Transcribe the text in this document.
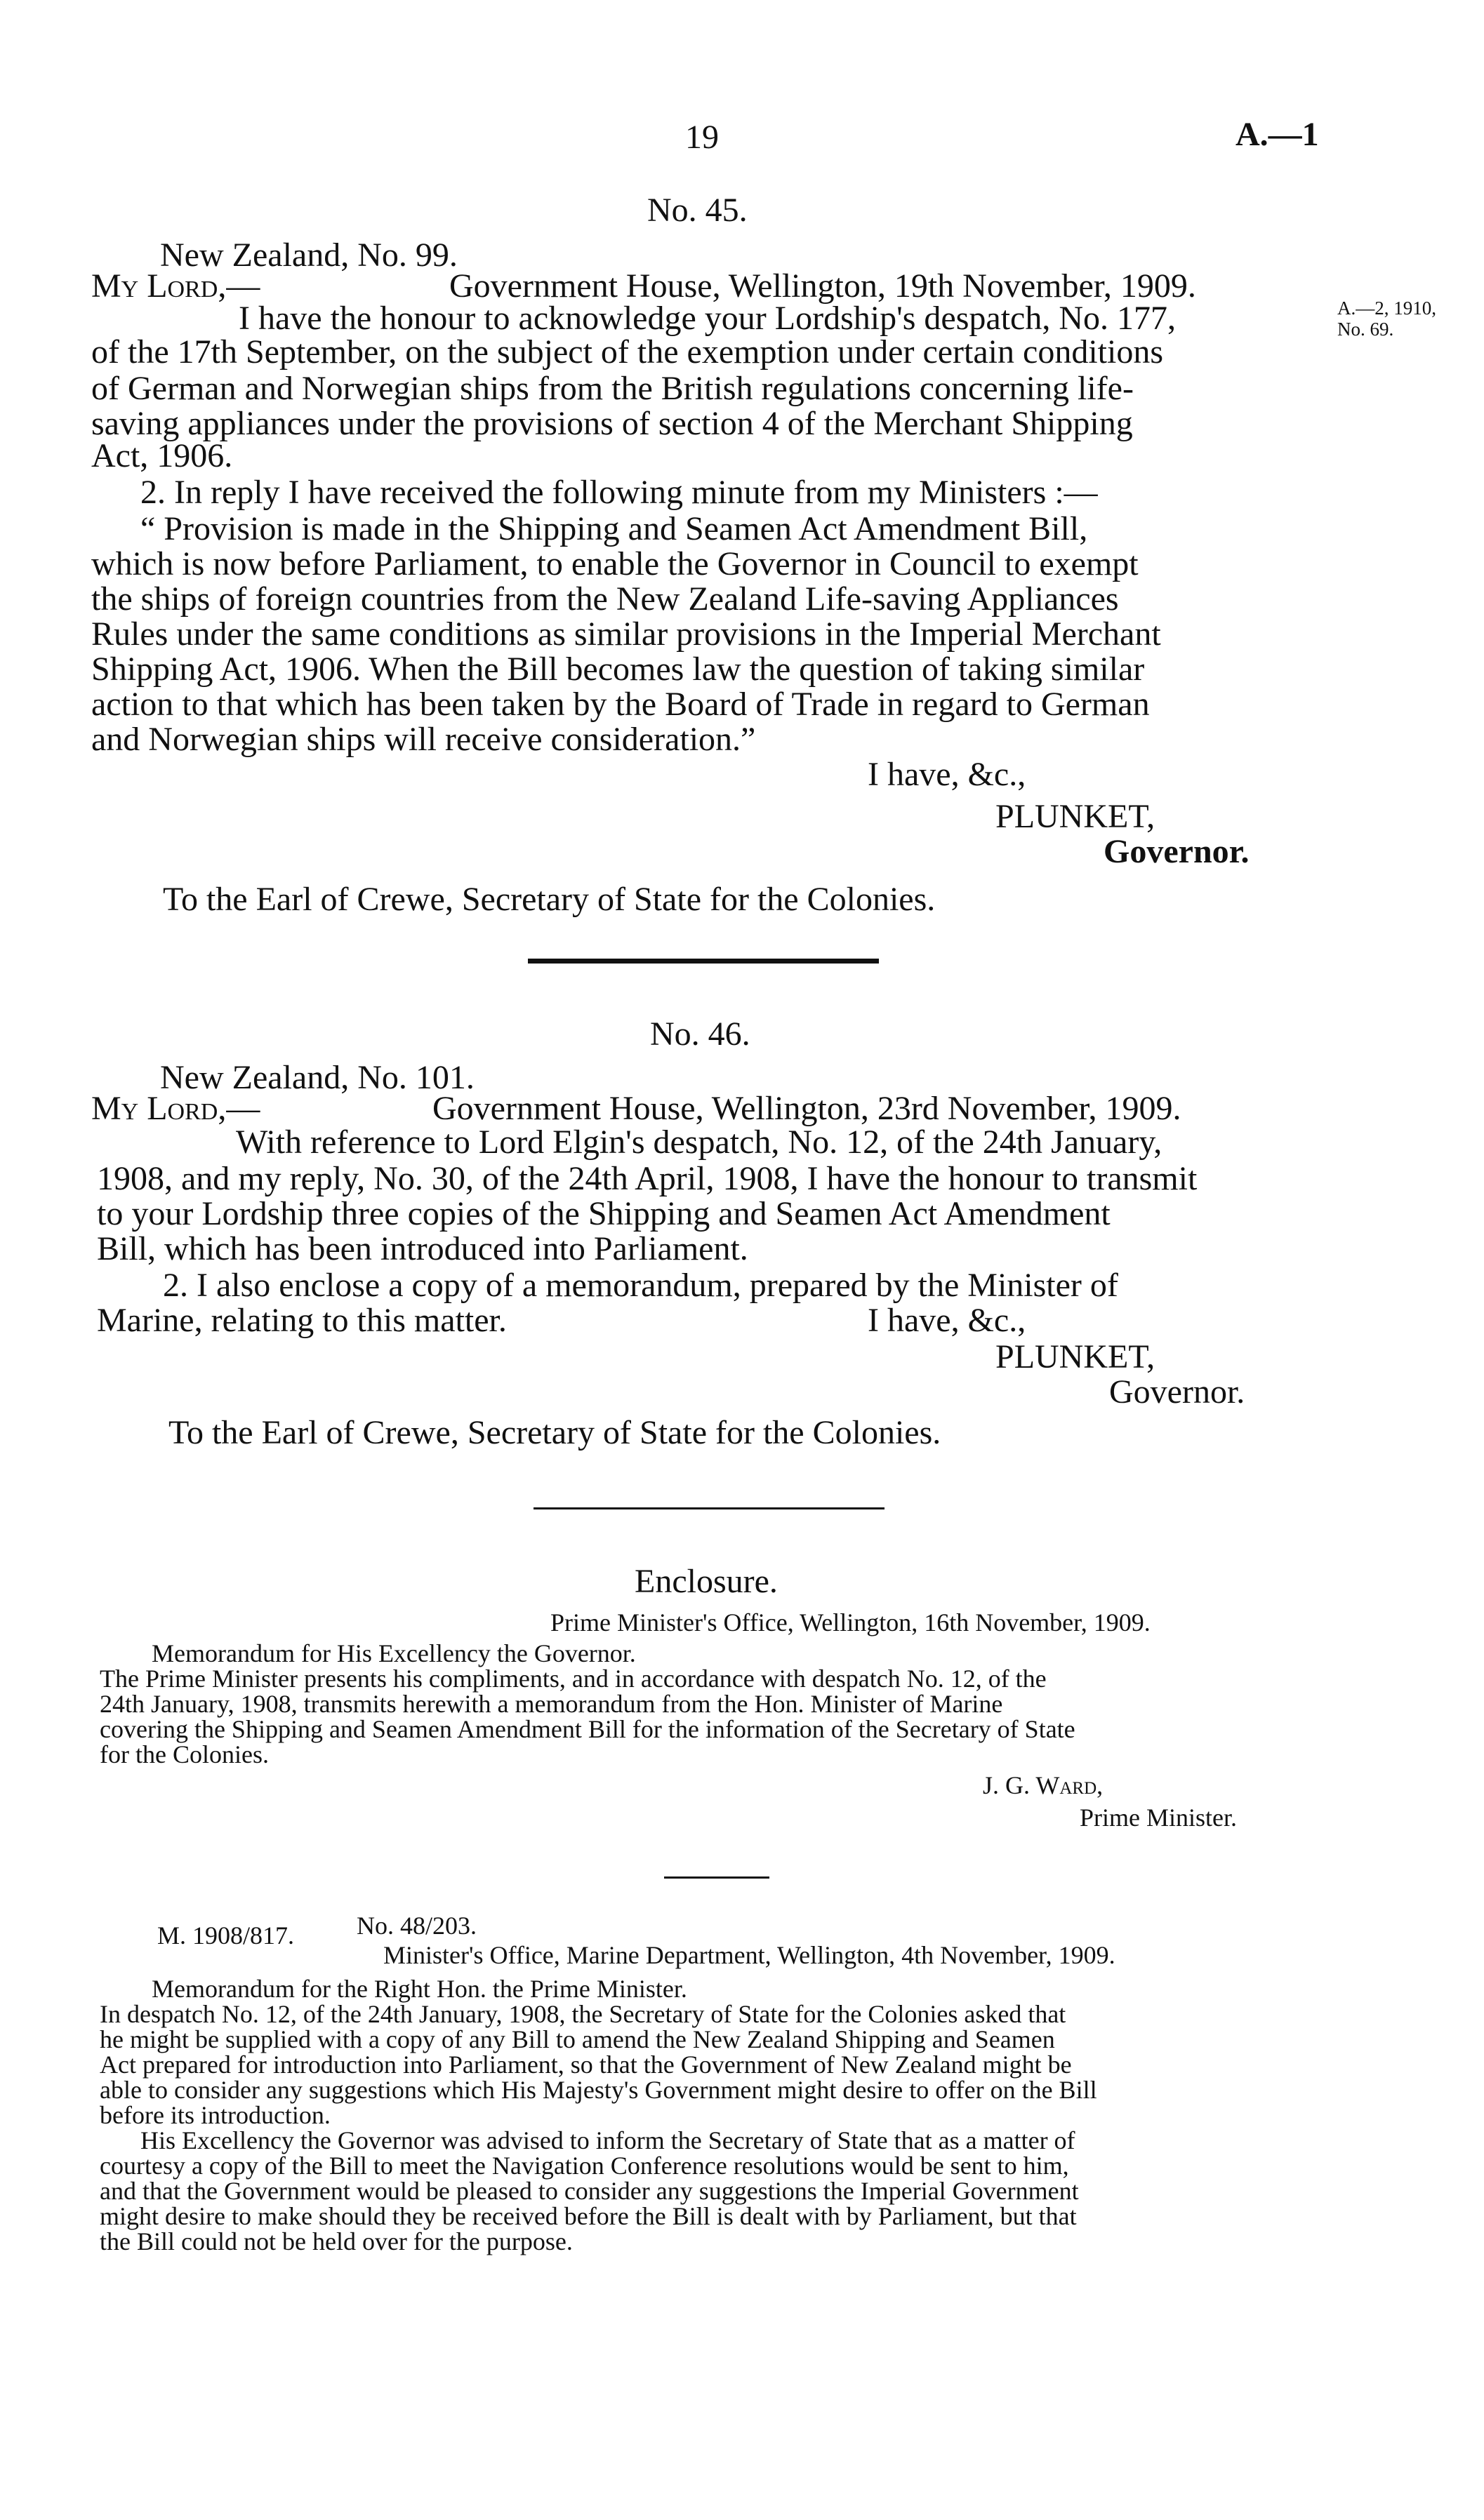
19	A.—1
No. 45.
New Zealand, No. 99.
My Lord,—	Government House, Wellington, 19th November, 1909.
A.—2, 1910,
No. 69.
I have the honour to acknowledge your Lordship's despatch, No. 177,
of the 17th September, on the subject of the exemption under certain conditions
of German and Norwegian ships from the British regulations concerning life-
saving appliances under the provisions of section 4 of the Merchant Shipping
Act, 1906.
2. In reply I have received the following minute from my Ministers :—
“ Provision is made in the Shipping and Seamen Act Amendment Bill,
which is now before Parliament, to enable the Governor in Council to exempt
the ships of foreign countries from the New Zealand Life-saving Appliances
Rules under the same conditions as similar provisions in the Imperial Merchant
Shipping Act, 1906. When the Bill becomes law the question of taking similar
action to that which has been taken by the Board of Trade in regard to German
and Norwegian ships will receive consideration.”
I have, &c.,
PLUNKET,
Governor.
To the Earl of Crewe, Secretary of State for the Colonies.
No. 46.
New Zealand, No. 101.
My Lord,—	Government House, Wellington, 23rd November, 1909.
With reference to Lord Elgin's despatch, No. 12, of the 24th January,
1908, and my reply, No. 30, of the 24th April, 1908, I have the honour to transmit
to your Lordship three copies of the Shipping and Seamen Act Amendment
Bill, which has been introduced into Parliament.
2. I also enclose a copy of a memorandum, prepared by the Minister of
Marine, relating to this matter.	I have, &c.,
PLUNKET,
Governor.
To the Earl of Crewe, Secretary of State for the Colonies.
Enclosure.
Prime Minister's Office, Wellington, 16th November, 1909.
Memorandum for His Excellency the Governor.
The Prime Minister presents his compliments, and in accordance with despatch No. 12, of the
24th January, 1908, transmits herewith a memorandum from the Hon. Minister of Marine
covering the Shipping and Seamen Amendment Bill for the information of the Secretary of State
for the Colonies.
J. G. Ward,
Prime Minister.
M. 1908/817. No. 48/203.
Minister's Office, Marine Department, Wellington, 4th November, 1909.
Memorandum for the Right Hon. the Prime Minister.
In despatch No. 12, of the 24th January, 1908, the Secretary of State for the Colonies asked that
he might be supplied with a copy of any Bill to amend the New Zealand Shipping and Seamen
Act prepared for introduction into Parliament, so that the Government of New Zealand might be
able to consider any suggestions which His Majesty's Government might desire to offer on the Bill
before its introduction.
His Excellency the Governor was advised to inform the Secretary of State that as a matter of
courtesy a copy of the Bill to meet the Navigation Conference resolutions would be sent to him,
and that the Government would be pleased to consider any suggestions the Imperial Government
might desire to make should they be received before the Bill is dealt with by Parliament, but that
the Bill could not be held over for the purpose.
